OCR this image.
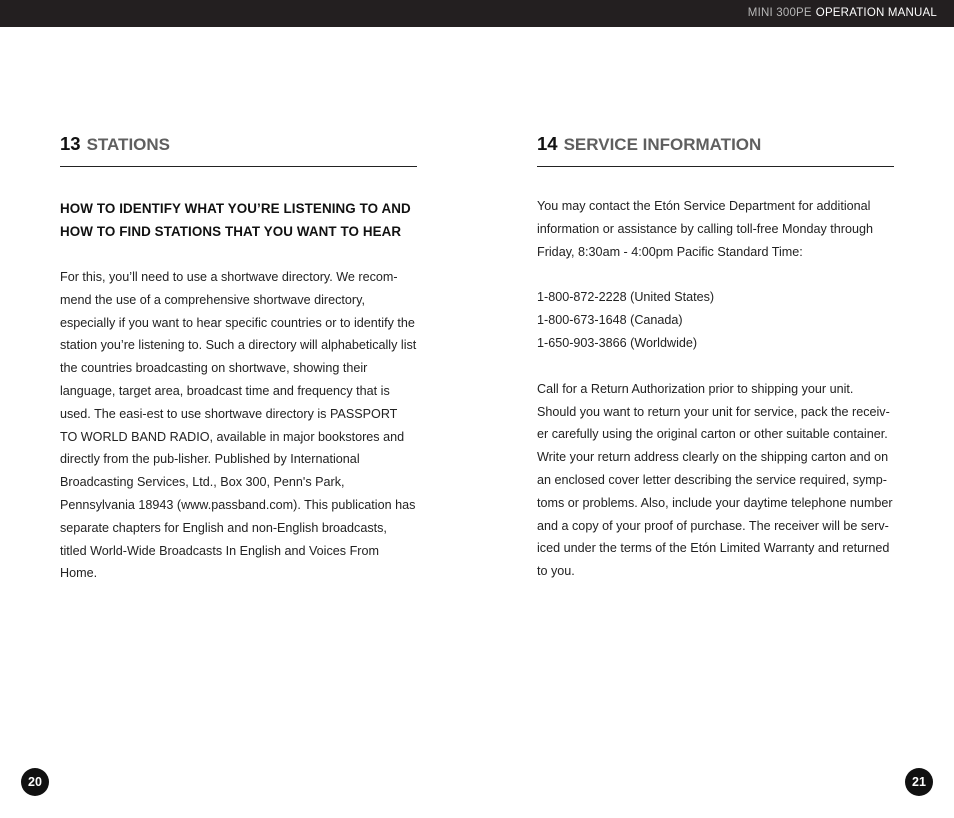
MINI 300PE OPERATION MANUAL
13 STATIONS

HOW TO IDENTIFY WHAT YOU’RE LISTENING TO AND HOW TO FIND STATIONS THAT YOU WANT TO HEAR

For this, you’ll need to use a shortwave directory. We recom-mend the use of a comprehensive shortwave directory, especially if you want to hear specific countries or to identify the station you’re listening to. Such a directory will alphabetically list the countries broadcasting on shortwave, showing their language, target area, broadcast time and frequency that is used. The easi-est to use shortwave directory is PASSPORT TO WORLD BAND RADIO, available in major bookstores and directly from the pub-lisher. Published by International Broadcasting Services, Ltd., Box 300, Penn's Park, Pennsylvania 18943 (www.passband.com). This publication has separate chapters for English and non-English broadcasts, titled World-Wide Broadcasts In English and Voices From Home.

14 SERVICE INFORMATION

You may contact the Etón Service Department for additional information or assistance by calling toll-free Monday through Friday, 8:30am - 4:00pm Pacific Standard Time:

1-800-872-2228 (United States)
1-800-673-1648 (Canada)
1-650-903-3866 (Worldwide)

Call for a Return Authorization prior to shipping your unit. Should you want to return your unit for service, pack the receiv-er carefully using the original carton or other suitable container. Write your return address clearly on the shipping carton and on an enclosed cover letter describing the service required, symp-toms or problems. Also, include your daytime telephone number and a copy of your proof of purchase. The receiver will be serv-iced under the terms of the Etón Limited Warranty and returned to you.

20	21
